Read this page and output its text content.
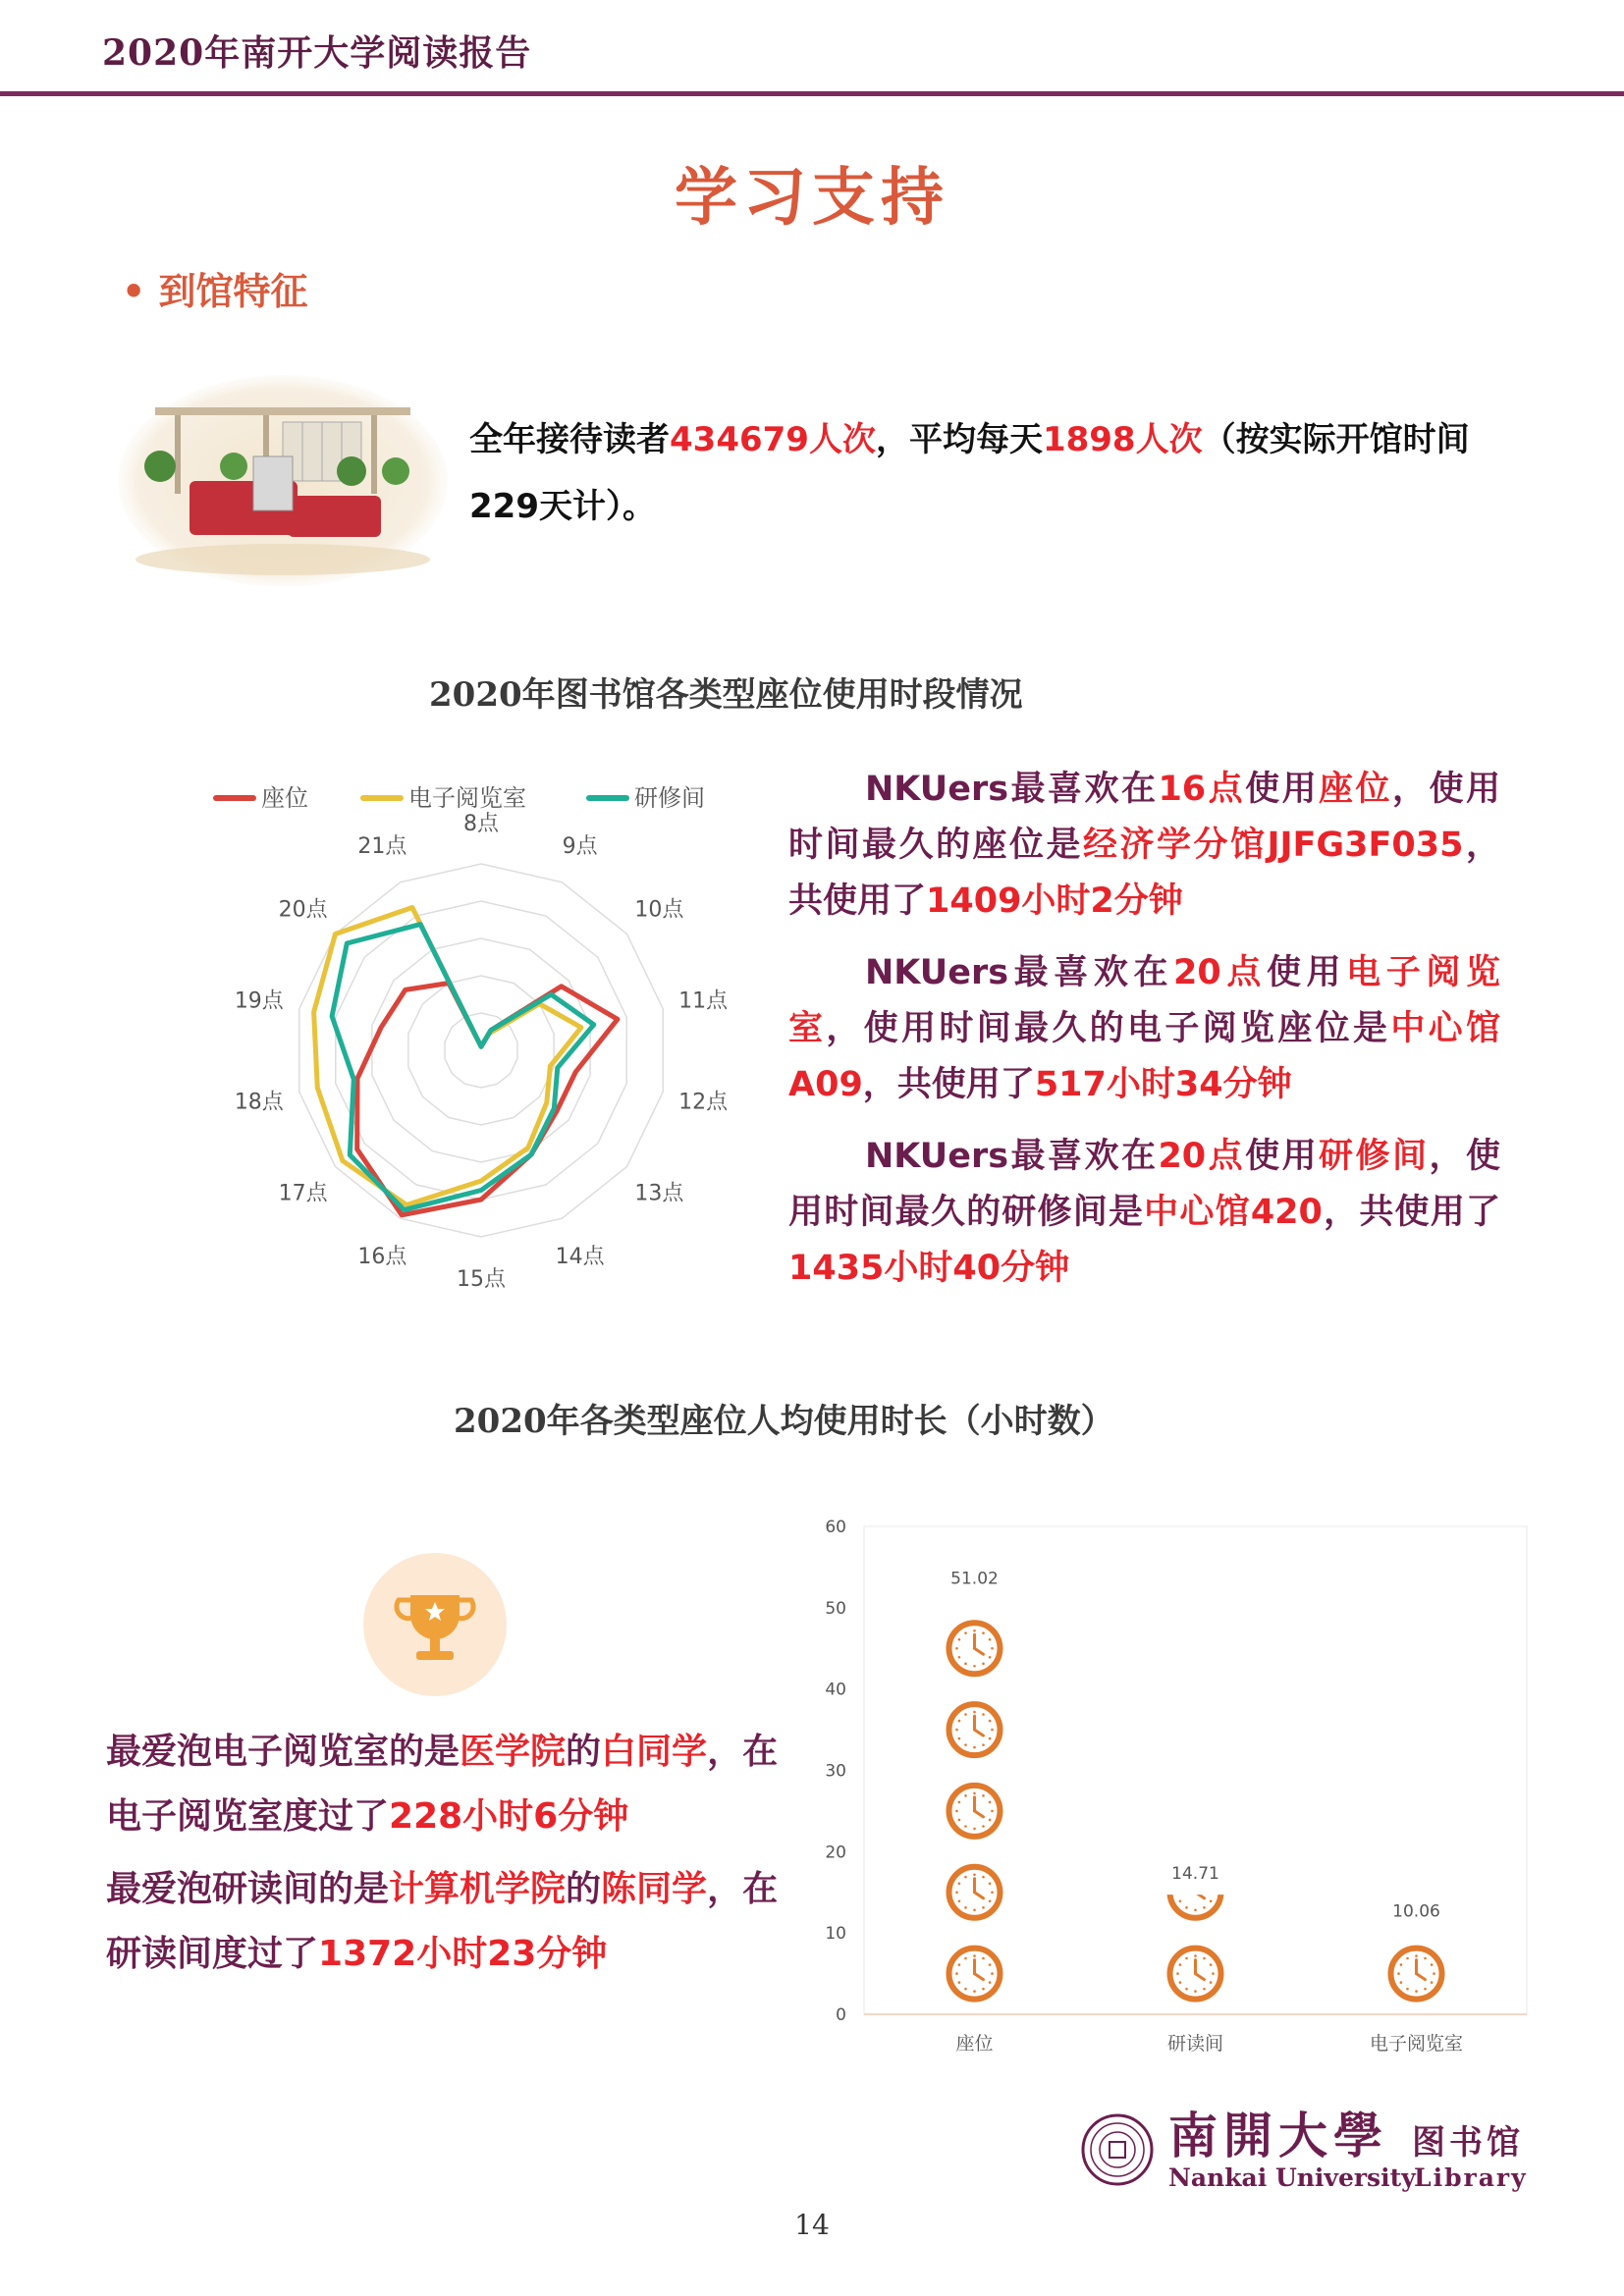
2020年南开大学阅读报告
学习支持
• 到馆特征
全年接待读者434679人次，平均每天1898人次（按实际开馆时间229天计）。
2020年图书馆各类型座位使用时段情况
8点
9点
10点
11点
12点
13点
14点
15点
16点
17点
18点
19点
20点
21点
座位	电子阅览室	研修间	NKUers最喜欢在16点使用座位，使用时间最久的座位是经济学分馆JJFG3F035，共使用了1409小时2分钟

NKUers最喜欢在20点使用电子阅览室，使用时间最久的电子阅览座位是中心馆A09，共使用了517小时34分钟

NKUers最喜欢在20点使用研修间，使用时间最久的研修间是中心馆420，共使用了1435小时40分钟

2020年各类型座位人均使用时长（小时数）

最爱泡电子阅览室的是医学院的白同学，在电子阅览室度过了228小时6分钟

最爱泡研读间的是计算机学院的陈同学，在研读间度过了1372小时23分钟

0
10
20
30
40
50
60
51.02
座位
14.71
研读间
10.06
电子阅览室
南開大學 图书馆
Nankai University
Library
14
